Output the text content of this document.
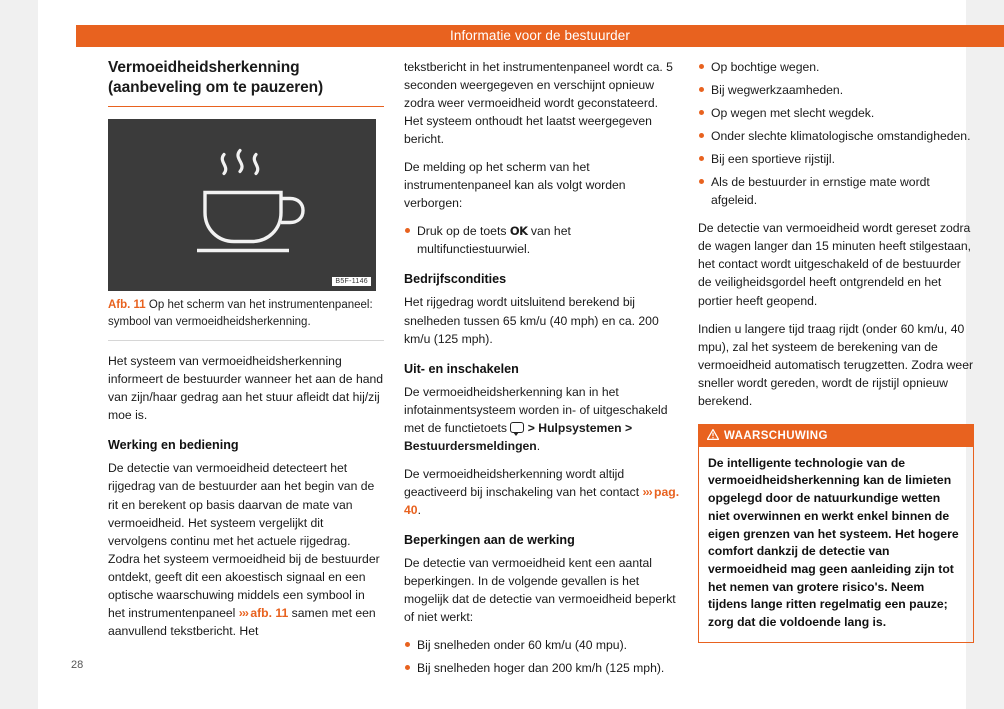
Informatie voor de bestuurder
Vermoeidheidsherkenning (aanbeveling om te pauzeren)
B5F-1146
Afb. 11 Op het scherm van het instrumentenpaneel: symbool van vermoeidheidsherkenning.

Het systeem van vermoeidheidsherkenning informeert de bestuurder wanneer het aan de hand van zijn/haar gedrag aan het stuur afleidt dat hij/zij moe is.

Werking en bediening

De detectie van vermoeidheid detecteert het rijgedrag van de bestuurder aan het begin van de rit en berekent op basis daarvan de mate van vermoeidheid. Het systeem vergelijkt dit vervolgens continu met het actuele rijgedrag. Zodra het systeem vermoeidheid bij de bestuurder ontdekt, geeft dit een akoestisch signaal en een optische waarschuwing middels een symbool in het instrumentenpaneel ››› afb. 11 samen met een aanvullend tekstbericht. Het

tekstbericht in het instrumentenpaneel wordt ca. 5 seconden weergegeven en verschijnt opnieuw zodra weer vermoeidheid wordt geconstateerd. Het systeem onthoudt het laatst weergegeven bericht.

De melding op het scherm van het instrumentenpaneel kan als volgt worden verborgen:

Druk op de toets OK van het multifunctiestuurwiel.
Bedrijfscondities

Het rijgedrag wordt uitsluitend berekend bij snelheden tussen 65 km/u (40 mph) en ca. 200 km/u (125 mph).

Uit- en inschakelen

De vermoeidheidsherkenning kan in het infotainmentsysteem worden in- of uitgeschakeld met de functietoets  > Hulpsystemen > Bestuurdersmeldingen.

De vermoeidheidsherkenning wordt altijd geactiveerd bij inschakeling van het contact ››› pag. 40.

Beperkingen aan de werking

De detectie van vermoeidheid kent een aantal beperkingen. In de volgende gevallen is het mogelijk dat de detectie van vermoeidheid beperkt of niet werkt:

Bij snelheden onder 60 km/u (40 mpu).
Bij snelheden hoger dan 200 km/h (125 mph).
Op bochtige wegen.
Bij wegwerkzaamheden.
Op wegen met slecht wegdek.
Onder slechte klimatologische omstandigheden.
Bij een sportieve rijstijl.
Als de bestuurder in ernstige mate wordt afgeleid.

De detectie van vermoeidheid wordt gereset zodra de wagen langer dan 15 minuten heeft stilgestaan, het contact wordt uitgeschakeld of de bestuurder de veiligheidsgordel heeft ontgrendeld en het portier heeft geopend.

Indien u langere tijd traag rijdt (onder 60 km/u, 40 mpu), zal het systeem de berekening van de vermoeidheid automatisch terugzetten. Zodra weer sneller wordt gereden, wordt de rijstijl opnieuw berekend.

WAARSCHUWING
De intelligente technologie van de vermoeidheidsherkenning kan de limieten opgelegd door de natuurkundige wetten niet overwinnen en werkt enkel binnen de eigen grenzen van het systeem. Het hogere comfort dankzij de detectie van vermoeidheid mag geen aanleiding zijn tot het nemen van grotere risico's. Neem tijdens lange ritten regelmatig een pauze; zorg dat die voldoende lang is.
28
